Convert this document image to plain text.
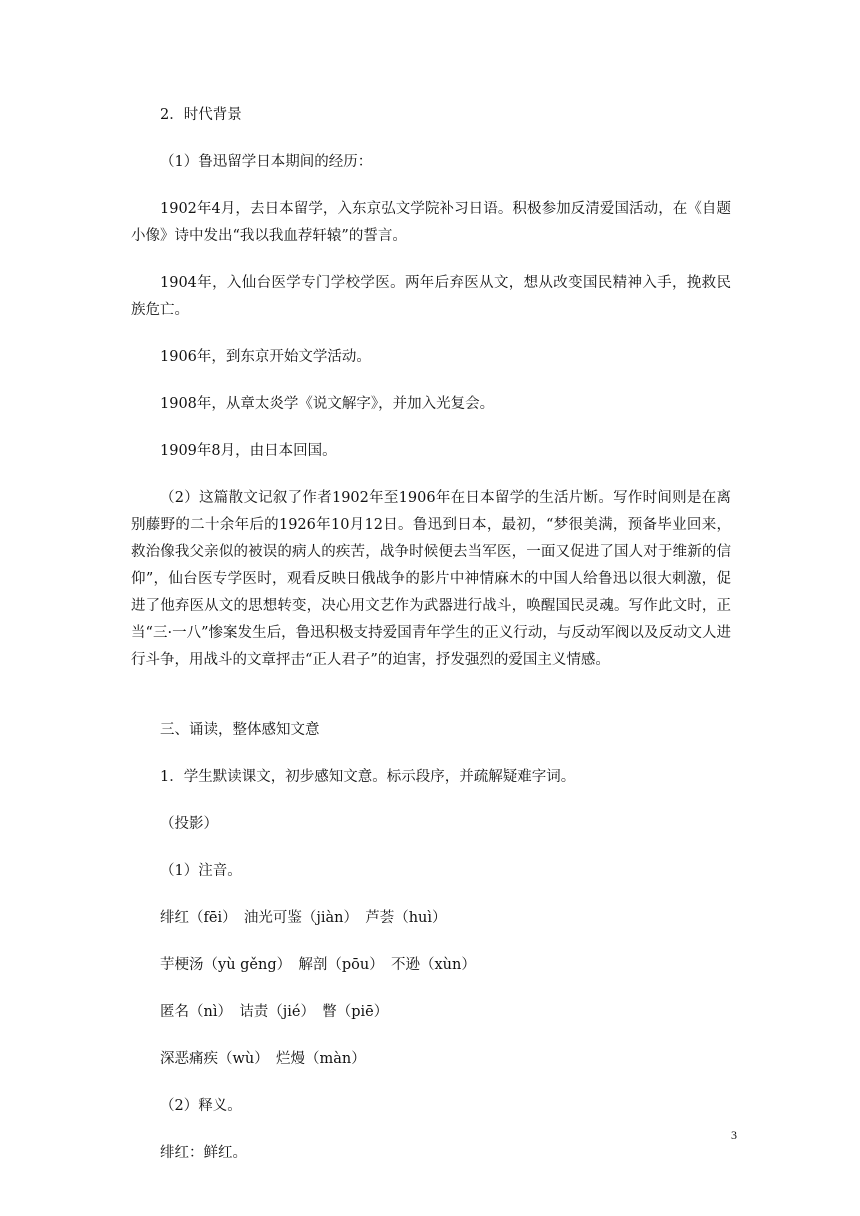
2．时代背景

（1）鲁迅留学日本期间的经历：

1902年4月，去日本留学，入东京弘文学院补习日语。积极参加反清爱国活动，在《自题小像》诗中发出“我以我血荐轩辕”的誓言。

1904年，入仙台医学专门学校学医。两年后弃医从文，想从改变国民精神入手，挽救民族危亡。

1906年，到东京开始文学活动。

1908年，从章太炎学《说文解字》，并加入光复会。

1909年8月，由日本回国。

（2）这篇散文记叙了作者1902年至1906年在日本留学的生活片断。写作时间则是在离别藤野的二十余年后的1926年10月12日。鲁迅到日本，最初，“梦很美满，预备毕业回来，救治像我父亲似的被误的病人的疾苦，战争时候便去当军医，一面又促进了国人对于维新的信仰”，仙台医专学医时，观看反映日俄战争的影片中神情麻木的中国人给鲁迅以很大刺激，促进了他弃医从文的思想转变，决心用文艺作为武器进行战斗，唤醒国民灵魂。写作此文时，正当“三·一八”惨案发生后，鲁迅积极支持爱国青年学生的正义行动，与反动军阀以及反动文人进行斗争，用战斗的文章抨击“正人君子”的迫害，抒发强烈的爱国主义情感。

三、诵读，整体感知文意

1．学生默读课文，初步感知文意。标示段序，并疏解疑难字词。

（投影）

（1）注音。

绯红（fēi）　油光可鉴（jiàn）　芦荟（huì）

芋梗汤（yù gěng）　解剖（pōu）　不逊（xùn）

匿名（nì）　诘责（jié）　瞥（piē）

深恶痛疾（wù）　烂熳（màn）

（2）释义。

绯红：鲜红。

3
